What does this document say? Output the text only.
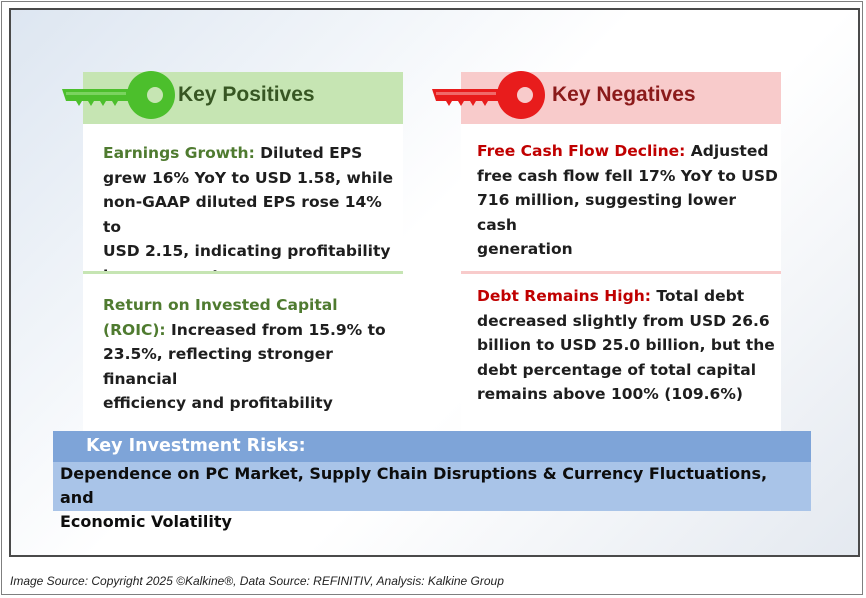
Key Positives	Key Negatives
Earnings Growth: Diluted EPS
grew 16% YoY to USD 1.58, while
non-GAAP diluted EPS rose 14% to
USD 2.15, indicating profitability
Return on Invested Capital
(ROIC): Increased from 15.9% to
23.5%, reflecting stronger financial
efficiency and profitability
Free Cash Flow Decline: Adjusted
free cash flow fell 17% YoY to USD
716 million, suggesting lower cash
generation
Debt Remains High: Total debt
decreased slightly from USD 26.6
billion to USD 25.0 billion, but the
debt percentage of total capital
remains above 100% (109.6%)
Key Investment Risks:
Dependence on PC Market, Supply Chain Disruptions & Currency Fluctuations, and
Economic Volatility
Image Source: Copyright 2025 ©Kalkine®, Data Source: REFINITIV, Analysis: Kalkine Group
